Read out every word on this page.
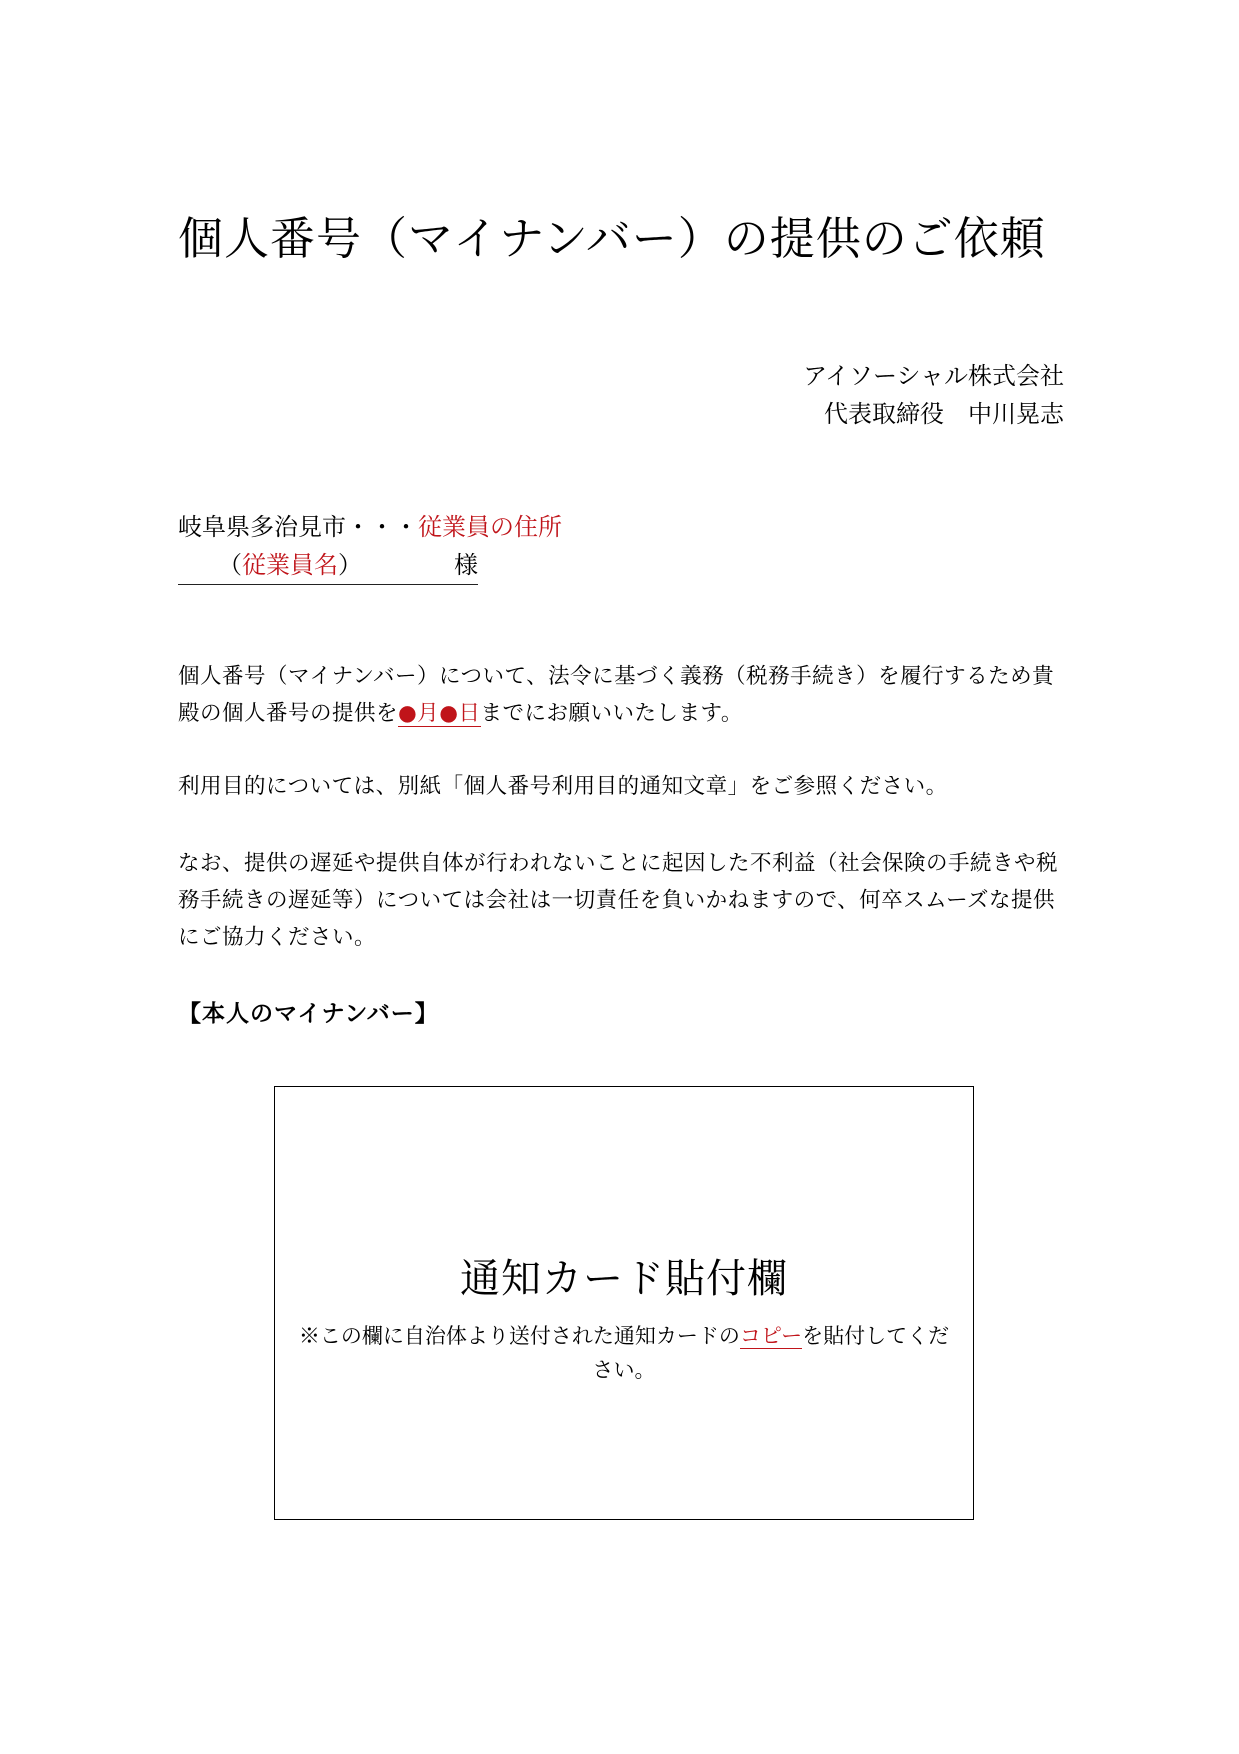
個人番号（マイナンバー）の提供のご依頼
アイソーシャル株式会社
代表取締役　中川晃志
岐阜県多治見市・・・従業員の住所
（従業員名）	様
個人番号（マイナンバー）について、法令に基づく義務（税務手続き）を履行するため貴殿の個人番号の提供を●月●日までにお願いいたします。
利用目的については、別紙「個人番号利用目的通知文章」をご参照ください。
なお、提供の遅延や提供自体が行われないことに起因した不利益（社会保険の手続きや税務手続きの遅延等）については会社は一切責任を負いかねますので、何卒スムーズな提供にご協力ください。
【本人のマイナンバー】
通知カード貼付欄
※この欄に自治体より送付された通知カードのコピーを貼付してください。
